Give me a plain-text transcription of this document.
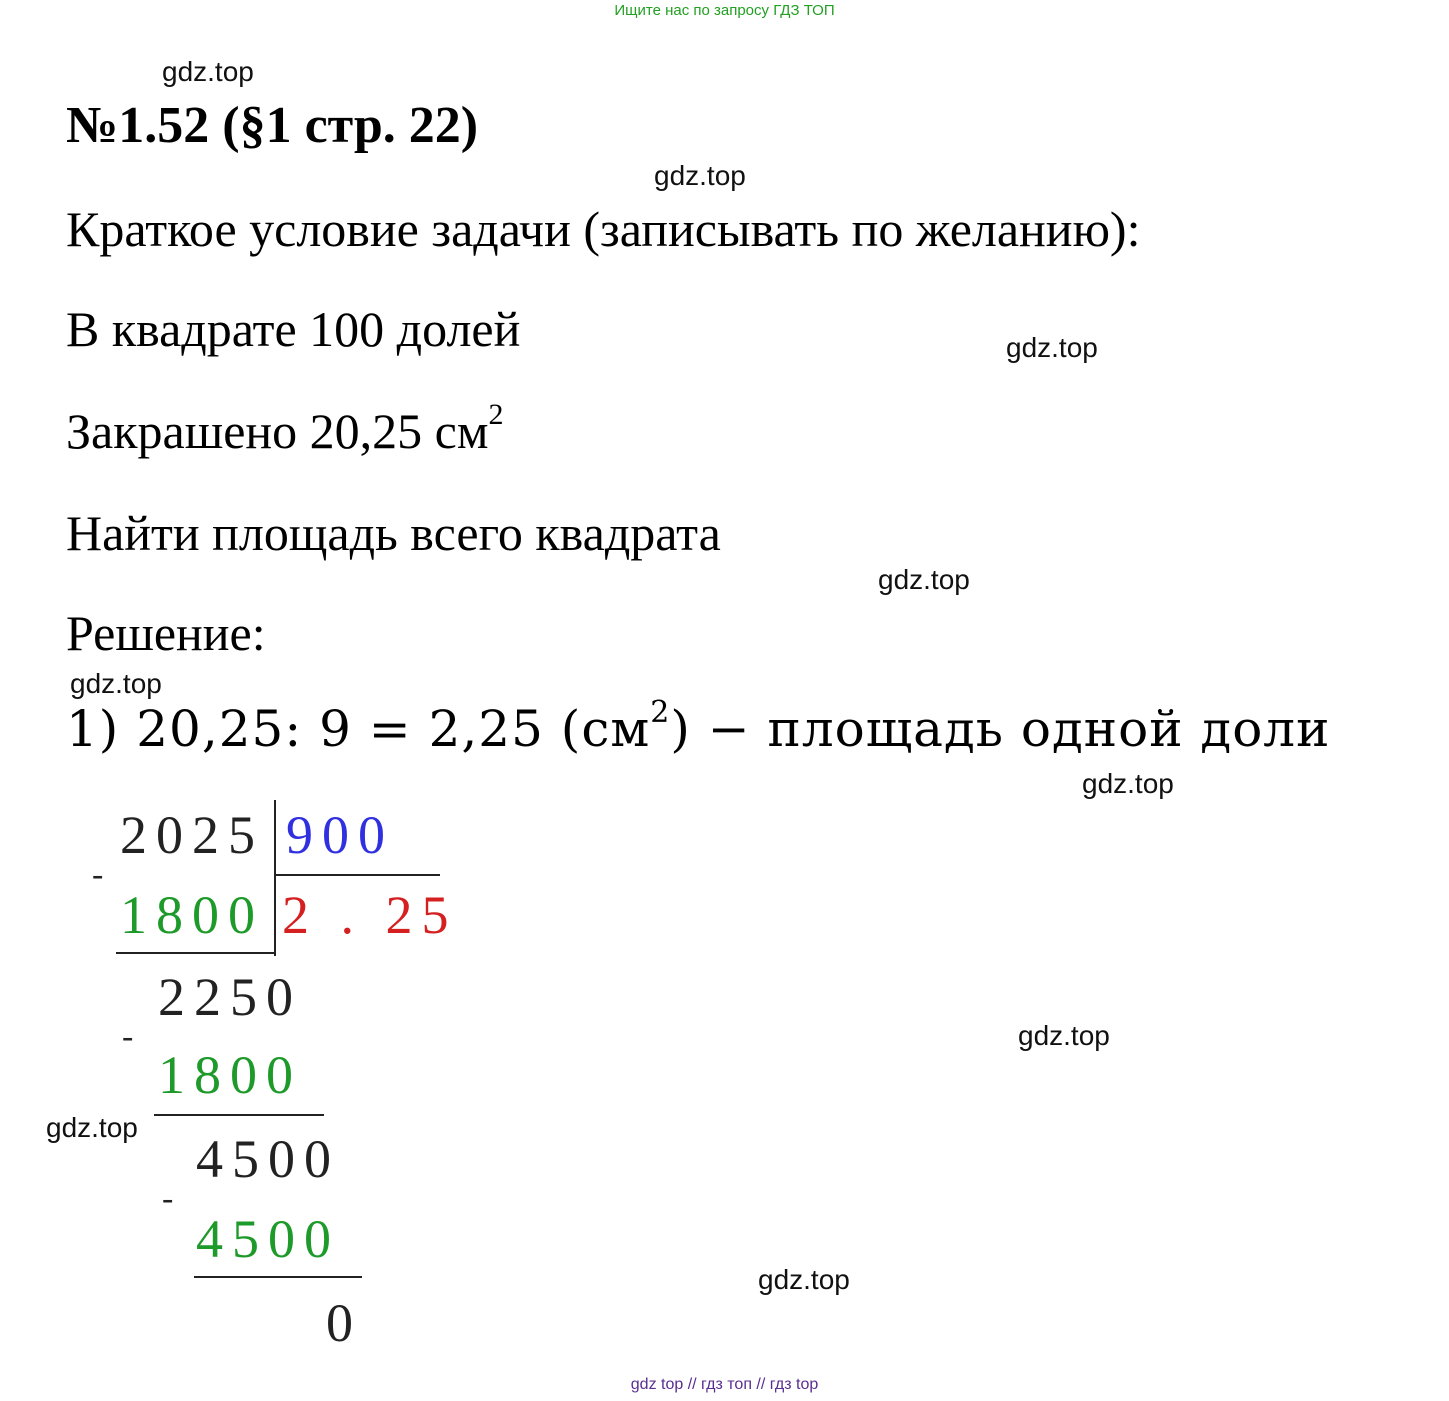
Ищите нас по запросу ГДЗ ТОП
gdz.top
gdz.top
gdz.top
gdz.top
gdz.top
gdz.top
gdz.top
gdz.top
gdz.top
№1.52 (§1 стр. 22)
Краткое условие задачи (записывать по желанию):
В квадрате 100 долей
Закрашено 20,25 $см^2$
Найти площадь всего квадрата
Решение:
1) 20,25: 9 = 2,25 $(см^2)$ − площадь одной доли
2025 900
-
1800 2 . 25
2250
-
1800
4500
-
4500
0
gdz top // гдз топ // гдз top
